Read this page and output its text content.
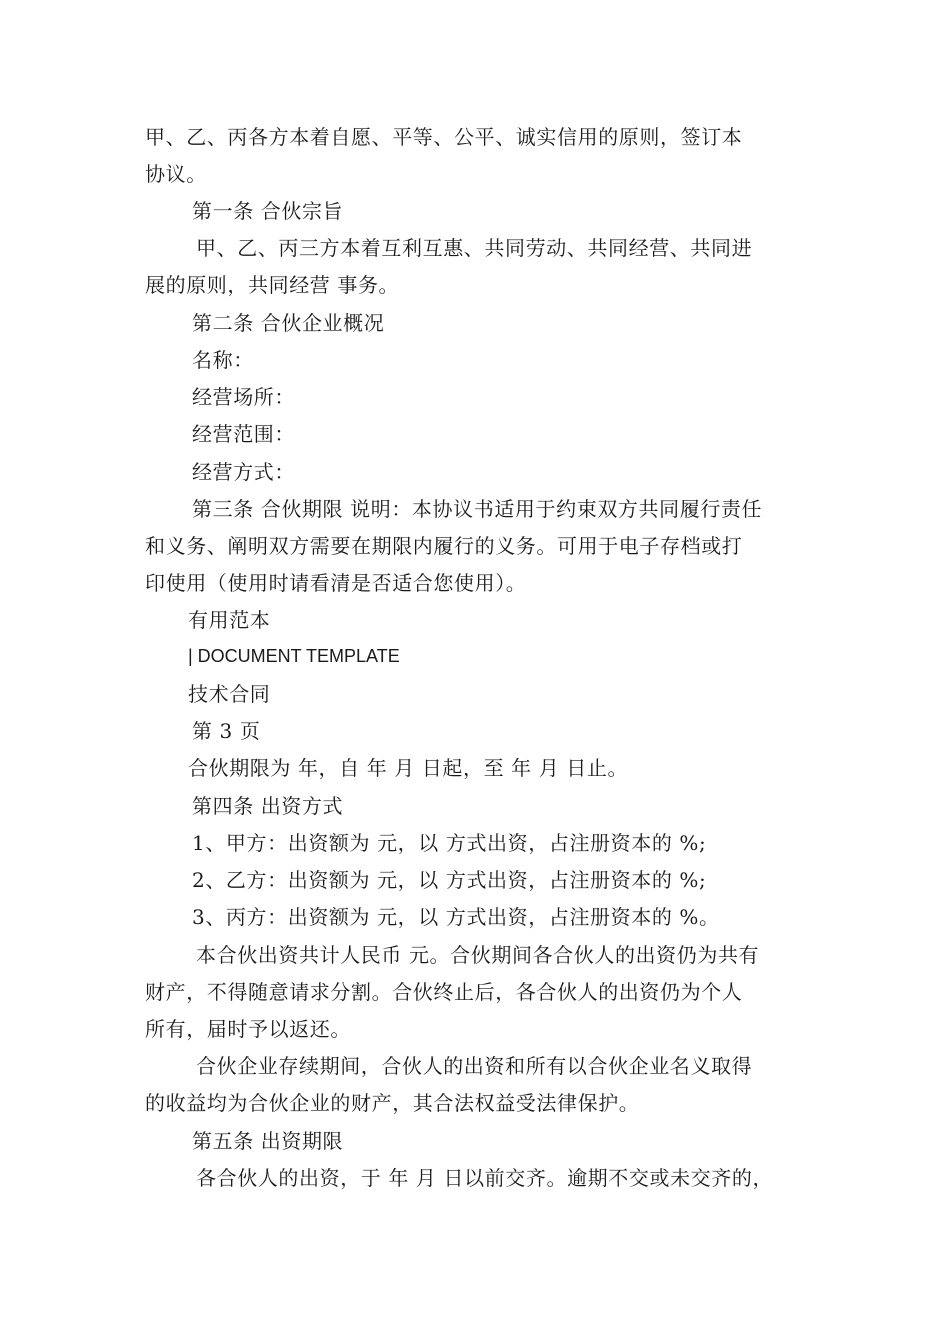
甲、乙、丙各方本着自愿、平等、公平、诚实信用的原则，签订本
协议。
第一条 合伙宗旨
甲、乙、丙三方本着互利互惠、共同劳动、共同经营、共同进
展的原则，共同经营 事务。
第二条 合伙企业概况
名称：
经营场所：
经营范围：
经营方式：
第三条 合伙期限 说明：本协议书适用于约束双方共同履行责任
和义务、阐明双方需要在期限内履行的义务。可用于电子存档或打
印使用（使用时请看清是否适合您使用）。
有用范本
| DOCUMENT TEMPLATE
技术合同
第 3 页
合伙期限为 年，自 年 月 日起，至 年 月 日止。
第四条 出资方式
1、甲方：出资额为 元，以 方式出资，占注册资本的 %;
2、乙方：出资额为 元，以 方式出资，占注册资本的 %;
3、丙方：出资额为 元，以 方式出资，占注册资本的 %。
本合伙出资共计人民币 元。合伙期间各合伙人的出资仍为共有
财产，不得随意请求分割。合伙终止后，各合伙人的出资仍为个人
所有，届时予以返还。
合伙企业存续期间，合伙人的出资和所有以合伙企业名义取得
的收益均为合伙企业的财产，其合法权益受法律保护。
第五条 出资期限
各合伙人的出资，于 年 月 日以前交齐。逾期不交或未交齐的，
